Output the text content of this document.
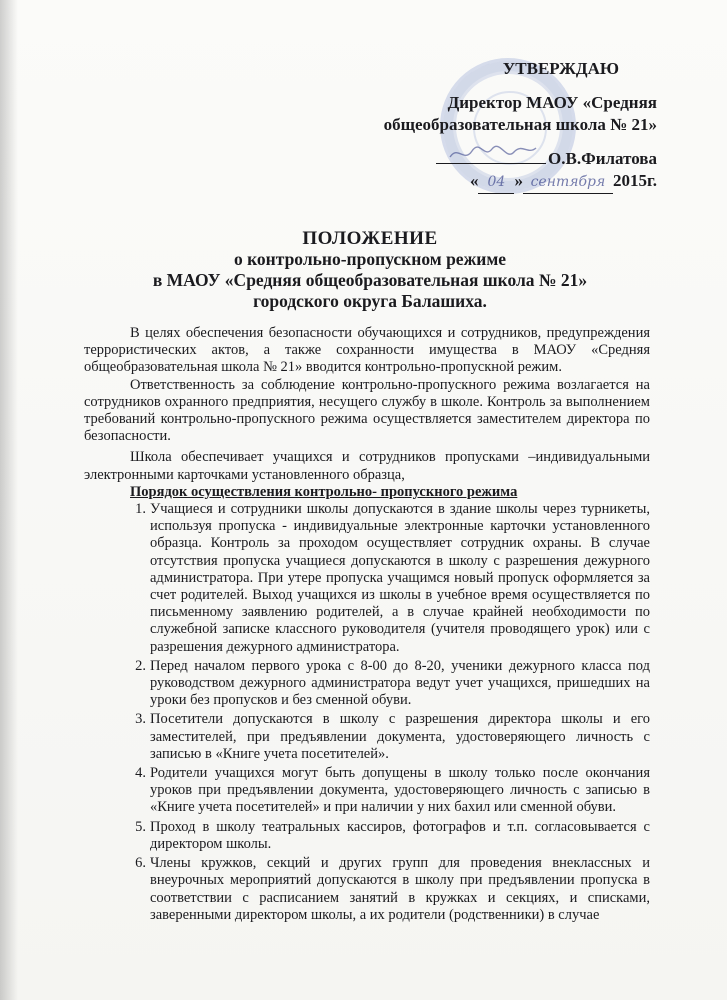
УТВЕРЖДАЮ
Директор МАОУ «Средняя
общеобразовательная школа № 21»
О.В.Филатова
« 04 » сентября 2015г.
ПОЛОЖЕНИЕ
о контрольно-пропускном режиме
в МАОУ «Средняя общеобразовательная школа № 21»
городского округа Балашиха.

В целях обеспечения безопасности обучающихся и сотрудников, предупреждения террористических актов, а также сохранности имущества в МАОУ «Средняя общеобразовательная школа № 21» вводится контрольно-пропускной режим.

Ответственность за соблюдение контрольно-пропускного режима возлагается на сотрудников охранного предприятия, несущего службу в школе. Контроль за выполнением требований контрольно-пропускного режима осуществляется заместителем директора по безопасности.

Школа обеспечивает учащихся и сотрудников пропусками –индивидуальными электронными карточками установленного образца,

Порядок осуществления контрольно- пропускного режима

1. Учащиеся и сотрудники школы допускаются в здание школы через турникеты, используя пропуска - индивидуальные электронные карточки установленного образца. Контроль за проходом осуществляет сотрудник охраны. В случае отсутствия пропуска учащиеся допускаются в школу с разрешения дежурного администратора. При утере пропуска учащимся новый пропуск оформляется за счет родителей. Выход учащихся из школы в учебное время осуществляется по письменному заявлению родителей, а в случае крайней необходимости по служебной записке классного руководителя (учителя проводящего урок) или с разрешения дежурного администратора.
2. Перед началом первого урока с 8-00 до 8-20, ученики дежурного класса под руководством дежурного администратора ведут учет учащихся, пришедших на уроки без пропусков и без сменной обуви.
3. Посетители допускаются в школу с разрешения директора школы и его заместителей, при предъявлении документа, удостоверяющего личность с записью в «Книге учета посетителей».
4. Родители учащихся могут быть допущены в школу только после окончания уроков при предъявлении документа, удостоверяющего личность с записью в «Книге учета посетителей» и при наличии у них бахил или сменной обуви.
5. Проход в школу театральных кассиров, фотографов и т.п. согласовывается с директором школы.
6. Члены кружков, секций и других групп для проведения внеклассных и внеурочных мероприятий допускаются в школу при предъявлении пропуска в соответствии с расписанием занятий в кружках и секциях, и списками, заверенными директором школы, а их родители (родственники) в случае
